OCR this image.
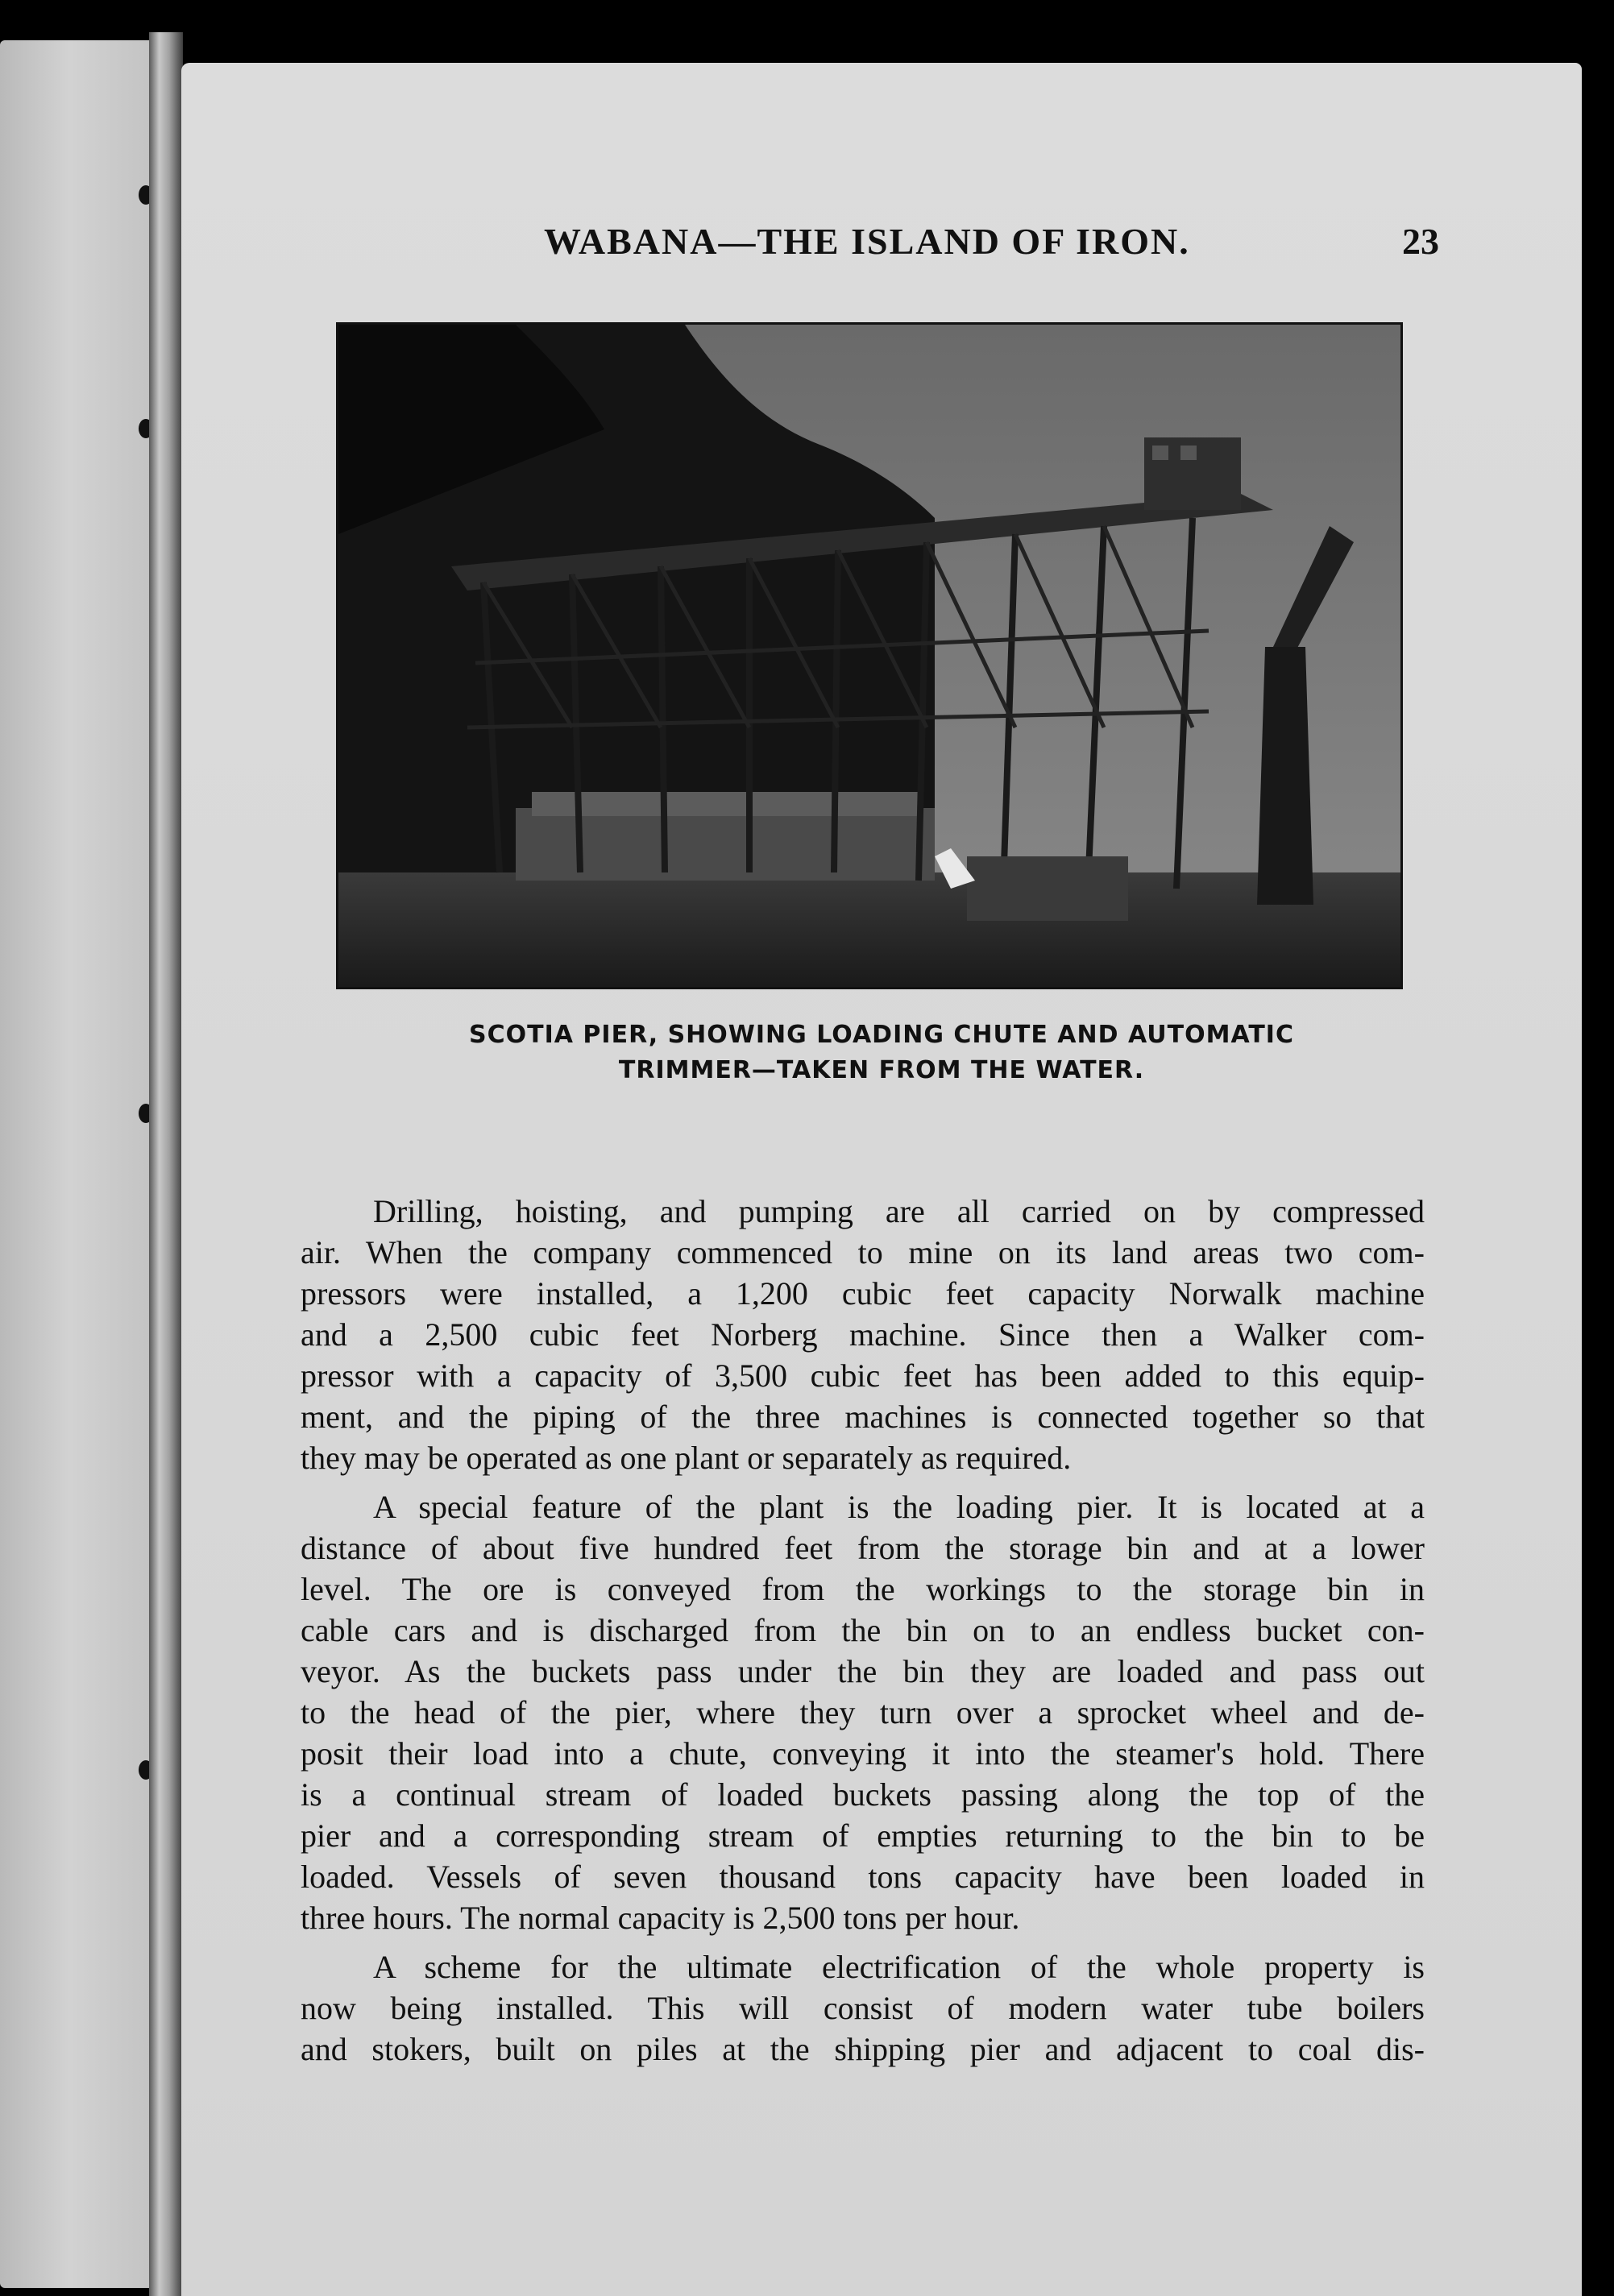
WABANA—THE ISLAND OF IRON.	23
SCOTIA PIER, SHOWING LOADING CHUTE AND AUTOMATIC
TRIMMER—TAKEN FROM THE WATER.
Drilling, hoisting, and pumping are all carried on by compressed
air. When the company commenced to mine on its land areas two com-
pressors were installed, a 1,200 cubic feet capacity Norwalk machine
and a 2,500 cubic feet Norberg machine. Since then a Walker com-
pressor with a capacity of 3,500 cubic feet has been added to this equip-
ment, and the piping of the three machines is connected together so that
they may be operated as one plant or separately as required.
A special feature of the plant is the loading pier. It is located at a
distance of about five hundred feet from the storage bin and at a lower
level. The ore is conveyed from the workings to the storage bin in
cable cars and is discharged from the bin on to an endless bucket con-
veyor. As the buckets pass under the bin they are loaded and pass out
to the head of the pier, where they turn over a sprocket wheel and de-
posit their load into a chute, conveying it into the steamer's hold. There
is a continual stream of loaded buckets passing along the top of the
pier and a corresponding stream of empties returning to the bin to be
loaded. Vessels of seven thousand tons capacity have been loaded in
three hours. The normal capacity is 2,500 tons per hour.
A scheme for the ultimate electrification of the whole property is
now being installed. This will consist of modern water tube boilers
and stokers, built on piles at the shipping pier and adjacent to coal dis-
